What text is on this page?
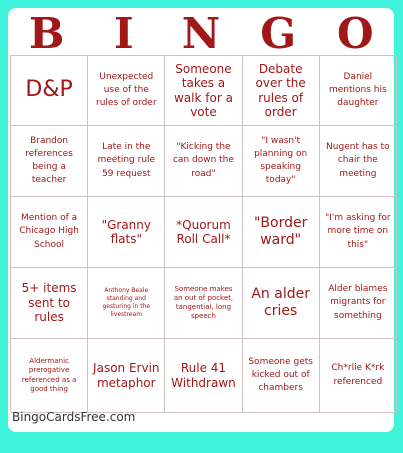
B	I	N G O
D&P
Unexpected use of the rules of order
Someone takes a walk for a vote
Debate over the rules of order
Daniel mentions his daughter
Brandon references being a teacher
Late in the meeting rule 59 request
"Kicking the can down the road"
"I wasn't planning on speaking today"
Nugent has to chair the meeting
Mention of a Chicago High School
"Granny flats"
*Quorum Roll Call*
"Border ward"
"I'm asking for more time on this"
5+ items sent to rules
Anthony Beale standing and gesturing in the livestream
Someone makes an out of pocket, tangential, long speech
An alder cries
Alder blames migrants for something
Aldermanic prerogative referenced as a good thing
Jason Ervin metaphor
Rule 41 Withdrawn
Someone gets kicked out of chambers
Ch*rlie K*rk referenced
BingoCardsFree.com
